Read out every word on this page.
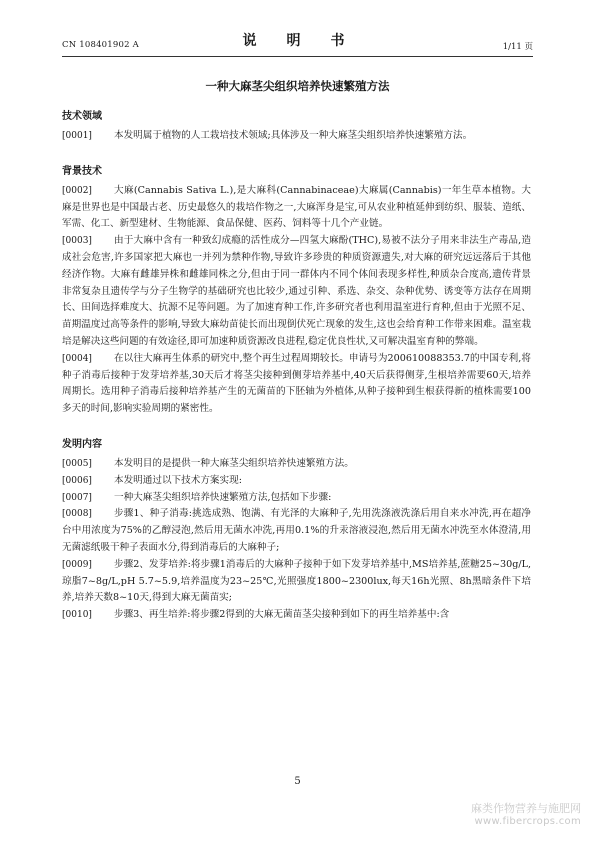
CN 108401902 A	说　明　书	1/11 页
一种大麻茎尖组织培养快速繁殖方法
技术领域
[0001]	本发明属于植物的人工栽培技术领域;具体涉及一种大麻茎尖组织培养快速繁殖方法。
背景技术
[0002]	大麻(Cannabis Sativa L.),是大麻科(Cannabinaceae)大麻属(Cannabis)一年生草本植物。大麻是世界也是中国最古老、历史最悠久的栽培作物之一,大麻浑身是宝,可从农业种植延伸到纺织、服装、造纸、军需、化工、新型建材、生物能源、食品保健、医药、饲料等十几个产业链。
[0003]	由于大麻中含有一种致幻成瘾的活性成分—四氢大麻酚(THC),易被不法分子用来非法生产毒品,造成社会危害,许多国家把大麻也一并列为禁种作物,导致许多珍贵的种质资源遗失,对大麻的研究远远落后于其他经济作物。大麻有雌雄异株和雌雄同株之分,但由于同一群体内不同个体间表现多样性,种质杂合度高,遗传背景非常复杂且遗传学与分子生物学的基础研究也比较少,通过引种、系选、杂交、杂种优势、诱变等方法存在周期长、田间选择难度大、抗源不足等问题。为了加速育种工作,许多研究者也利用温室进行育种,但由于光照不足、苗期温度过高等条件的影响,导致大麻幼苗徒长而出现倒伏死亡现象的发生,这也会给育种工作带来困难。温室栽培是解决这些问题的有效途径,即可加速种质资源改良进程,稳定优良性状,又可解决温室育种的弊端。
[0004]	在以往大麻再生体系的研究中,整个再生过程周期较长。申请号为200610088353.7的中国专利,将种子消毒后接种于发芽培养基,30天后才将茎尖接种到侧芽培养基中,40天后获得侧芽,生根培养需要60天,培养周期长。选用种子消毒后接种培养基产生的无菌苗的下胚轴为外植体,从种子接种到生根获得新的植株需要100多天的时间,影响实验周期的紧密性。
发明内容
[0005]	本发明目的是提供一种大麻茎尖组织培养快速繁殖方法。
[0006]	本发明通过以下技术方案实现:
[0007]	一种大麻茎尖组织培养快速繁殖方法,包括如下步骤:
[0008]	步骤1、种子消毒:挑选成熟、饱满、有光泽的大麻种子,先用洗涤液洗涤后用自来水冲洗,再在超净台中用浓度为75%的乙醇浸泡,然后用无菌水冲洗,再用0.1%的升汞溶液浸泡,然后用无菌水冲洗至水体澄清,用无菌滤纸吸干种子表面水分,得到消毒后的大麻种子;
[0009]	步骤2、发芽培养:将步骤1消毒后的大麻种子接种于如下发芽培养基中,MS培养基,蔗糖25~30g/L,琼脂7~8g/L,pH 5.7~5.9,培养温度为23~25℃,光照强度1800~2300lux,每天16h光照、8h黑暗条件下培养,培养天数8~10天,得到大麻无菌苗实;
[0010]	步骤3、再生培养:将步骤2得到的大麻无菌苗茎尖接种到如下的再生培养基中:含
5
麻类作物营养与施肥网
www.fibercrops.com
